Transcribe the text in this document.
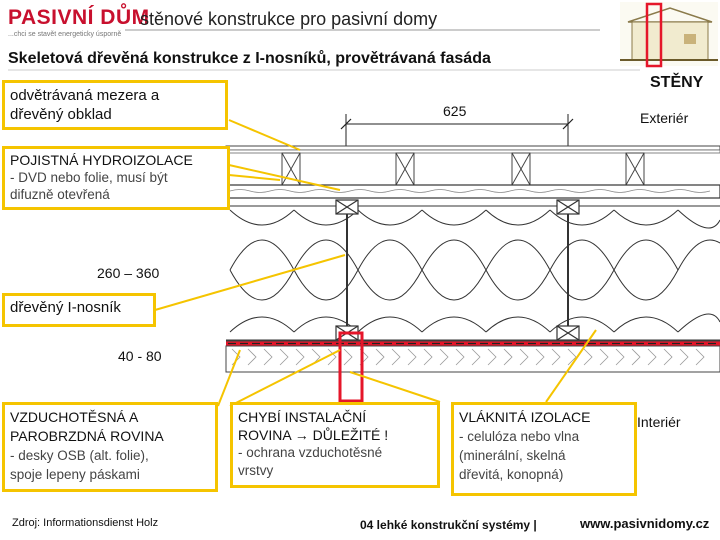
PASIVNÍ DŮM
...chci se stavět energeticky úsporně
stěnové konstrukce pro pasivní domy
Skeletová dřevěná konstrukce z I-nosníků, provětrávaná fasáda
STĚNY
625	Exteriér
260 – 360
40 - 80
Interiér
odvětrávaná mezera a
dřevěný obklad
POJISTNÁ HYDROIZOLACE
- DVD nebo folie, musí být
difuzně otevřená
dřevěný I-nosník
VZDUCHOTĚSNÁ A
PAROBRZDNÁ ROVINA
- desky OSB (alt. folie),
spoje lepeny páskami
CHYBÍ INSTALAČNÍ
ROVINA → DŮLEŽITÉ !
- ochrana vzduchotěsné
vrstvy
VLÁKNITÁ IZOLACE
- celulóza nebo vlna
(minerální, skelná
dřevitá, konopná)
Zdroj: Informationsdienst Holz	04 lehké konstrukční systémy |	www.pasivnidomy.cz
